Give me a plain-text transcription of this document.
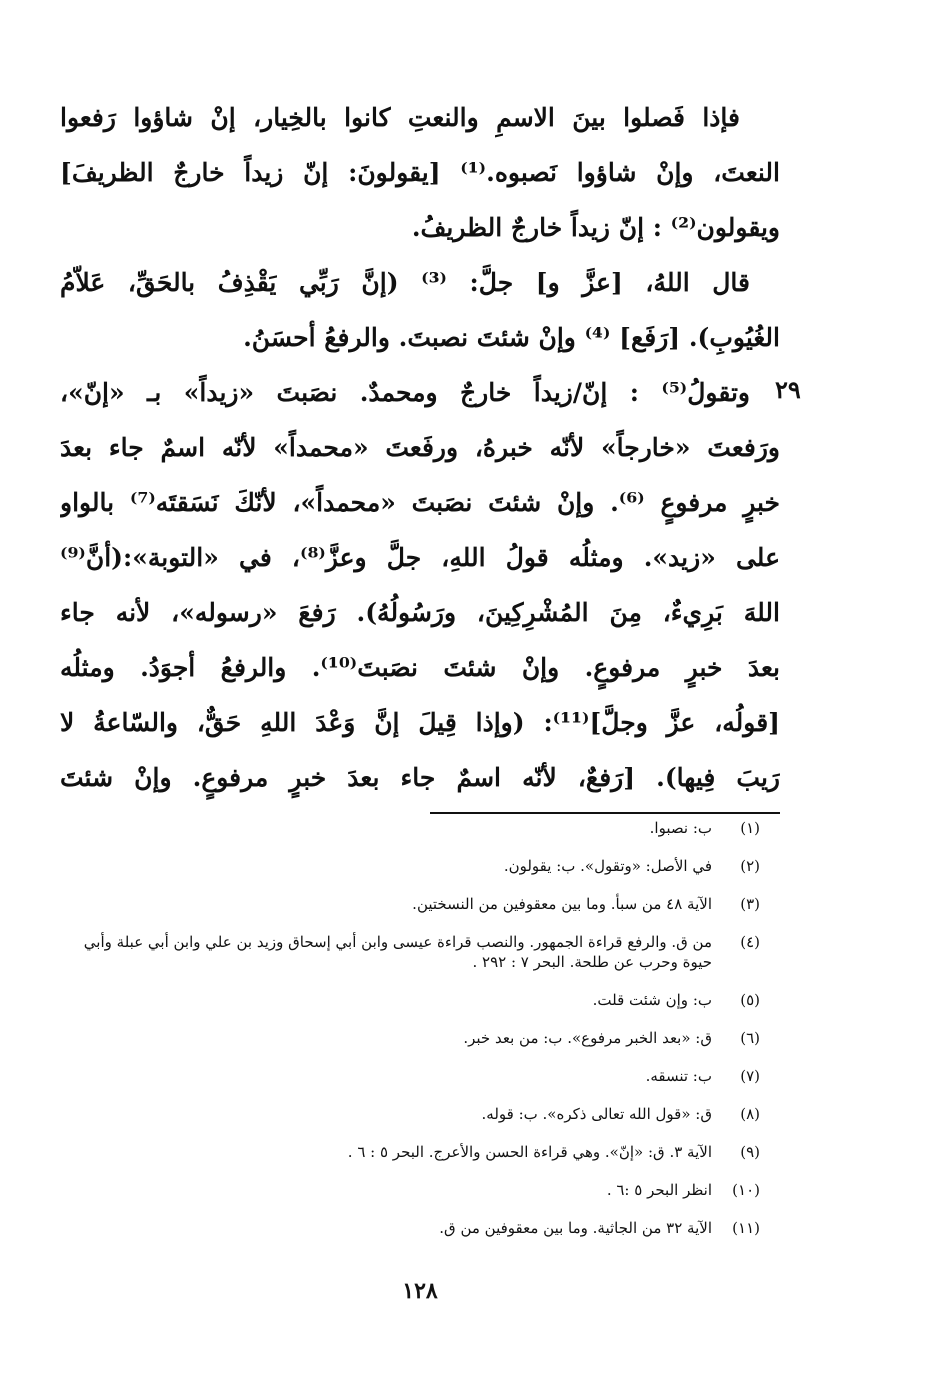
فإذا فَصلوا بينَ الاسمِ والنعتِ كانوا بالخِيار، إنْ شاؤوا رَفعوا
النعتَ، وإنْ شاؤوا نَصبوه.⁽¹⁾ [يقولونَ: إنّ زيداً خارجٌ الظريفَ]
ويقولون⁽²⁾ : إنّ زيداً خارجٌ الظريفُ.
قال اللهُ، [عزَّ و] جلَّ: ⁽³⁾ (إنَّ رَبِّي يَقْذِفُ بالحَقِّ، عَلاّمُ
الغُيُوبِ). [رَفَع] ⁽⁴⁾ وإنْ شئتَ نصبتَ. والرفعُ أحسَنُ.
وتقولُ⁽⁵⁾ : إنّ/زيداً خارجٌ ومحمدٌ. نصَبتَ «زيداً» بـ «إنّ»،
ورَفعتَ «خارجاً» لأنّه خبرهُ، ورفَعتَ «محمداً» لأنّه اسمٌ جاء بعدَ
خبرٍ مرفوعٍ ⁽⁶⁾. وإنْ شئتَ نصَبتَ «محمداً»، لأنّكَ نَسَقتَه⁽⁷⁾ بالواو
على «زيد». ومثلُه قولُ اللهِ، جلَّ وعزَّ⁽⁸⁾، في «التوبة»:(أنَّ⁽⁹⁾
اللهَ بَرِيءٌ، مِنَ المُشْرِكِينَ، ورَسُولُهُ). رَفعَ «رسوله»، لأنه جاء
بعدَ خبرٍ مرفوعٍ. وإنْ شئتَ نصَبتَ⁽¹⁰⁾. والرفعُ أجوَدُ. ومثلُه
[قولُه، عزَّ وجلَّ]⁽¹¹⁾: (وإذا قِيلَ إنَّ وَعْدَ اللهِ حَقٌّ، والسّاعةُ لا
رَيبَ فِيها). [رَفعٌ، لأنّه اسمٌ جاء بعدَ خبرٍ مرفوعٍ. وإنْ شئتَ
٢٩
(١)
ب: نصبوا.
(٢)
في الأصل: «وتقول». ب: يقولون.
(٣)
الآية ٤٨ من سبأ. وما بين معقوفين من النسختين.
(٤)
من ق. والرفع قراءة الجمهور. والنصب قراءة عيسى وابن أبي إسحاق وزيد بن علي وابن أبي عبلة وأبي حيوة وحرب عن طلحة. البحر ٧ : ٢٩٢ .
(٥)
ب: وإن شئت قلت.
(٦)
ق: «بعد الخبر مرفوع». ب: من بعد خبر.
(٧)
ب: تنسقه.
(٨)
ق: «قول الله تعالى ذكره». ب: قوله.
(٩)
الآية ٣. ق: «إنّ». وهي قراءة الحسن والأعرج. البحر ٥ : ٦ .
(١٠)
انظر البحر ٥ :٦ .
(١١)
الآية ٣٢ من الجاثية. وما بين معقوفين من ق.
١٢٨
